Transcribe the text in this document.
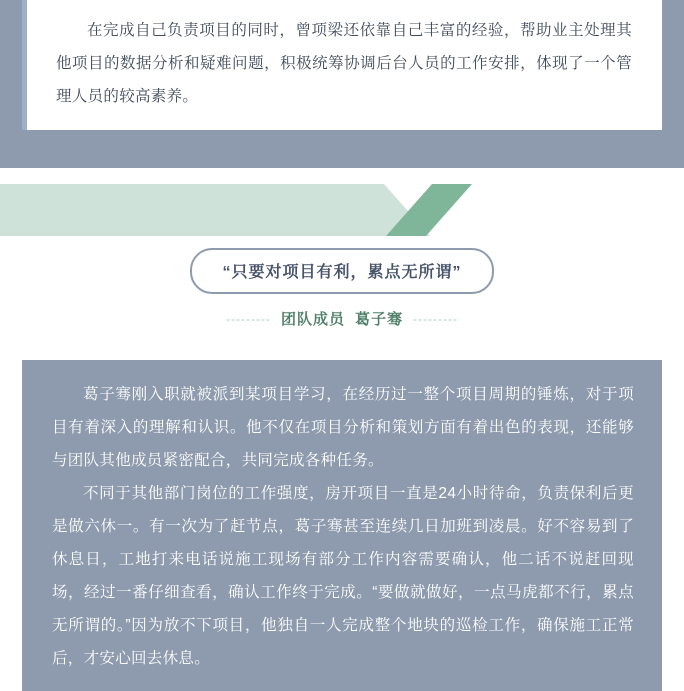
在完成自己负责项目的同时，曾项梁还依靠自己丰富的经验，帮助业主处理其他项目的数据分析和疑难问题，积极统筹协调后台人员的工作安排，体现了一个管理人员的较高素养。

“只要对项目有利，累点无所谓”
--------- 团队成员 葛子骞 ---------

葛子骞刚入职就被派到某项目学习，在经历过一整个项目周期的锤炼，对于项目有着深入的理解和认识。他不仅在项目分析和策划方面有着出色的表现，还能够与团队其他成员紧密配合，共同完成各种任务。

不同于其他部门岗位的工作强度，房开项目一直是24小时待命，负责保利后更是做六休一。有一次为了赶节点，葛子骞甚至连续几日加班到凌晨。好不容易到了休息日，工地打来电话说施工现场有部分工作内容需要确认，他二话不说赶回现场，经过一番仔细查看，确认工作终于完成。“要做就做好，一点马虎都不行，累点无所谓的。”因为放不下项目，他独自一人完成整个地块的巡检工作，确保施工正常后，才安心回去休息。
